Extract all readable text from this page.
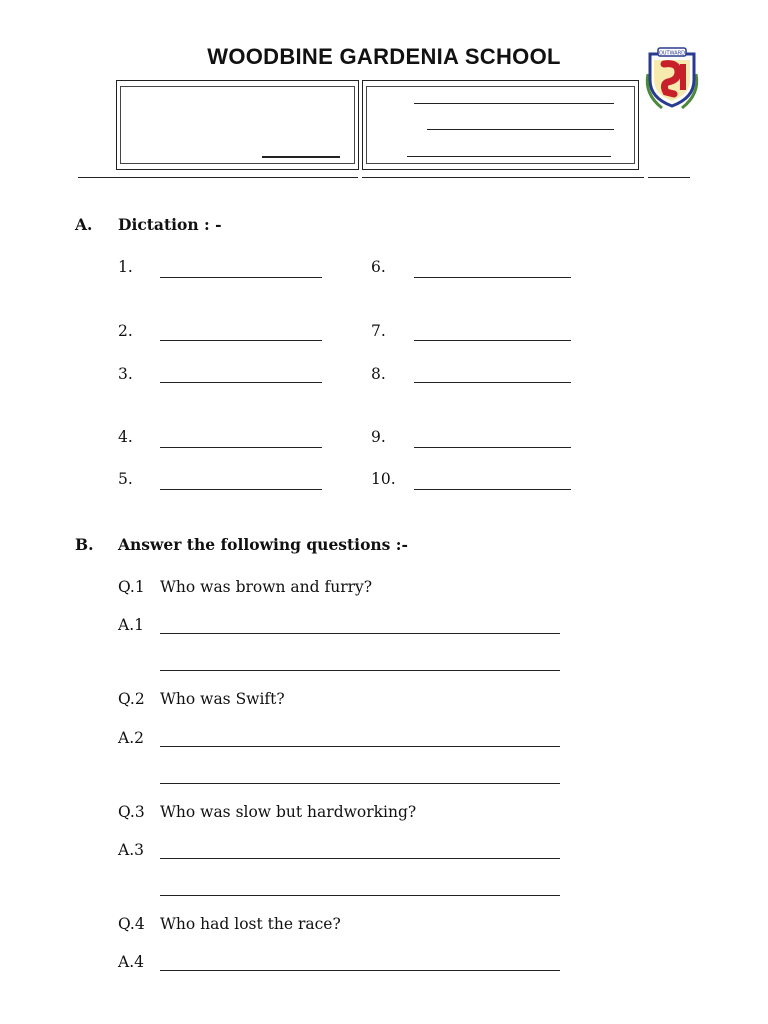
WOODBINE GARDENIA SCHOOL	OUTWARD
A. Dictation : -
1.
2.
3.
4.
5.
6.
7.
8.
9.
10.
B. Answer the following questions :-
Q.1 Who was brown and furry?
A.1
Q.2 Who was Swift?
A.2
Q.3 Who was slow but hardworking?
A.3
Q.4 Who had lost the race?
A.4
